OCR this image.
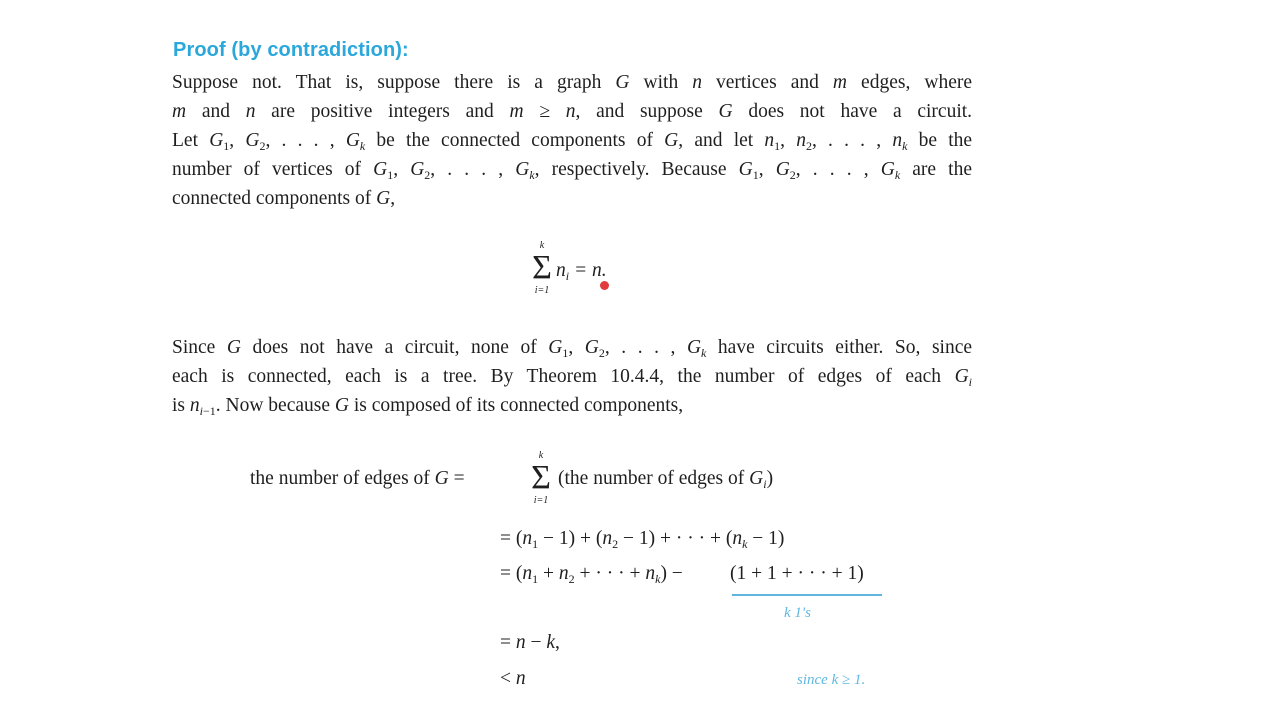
Proof (by contradiction):
Suppose not. That is, suppose there is a graph G with n vertices and m edges, where
m and n are positive integers and m ≥ n, and suppose G does not have a circuit.
Let $G_1$, $G_2$, . . . , $G_k$ be the connected components of G, and let $n_1$, $n_2$, . . . , $n_k$ be the
number of vertices of $G_1$, $G_2$, . . . , $G_k$, respectively. Because $G_1$, $G_2$, . . . , $G_k$ are the
connected components of G,
k
Σ
i=1
$n_i = n$.
Since G does not have a circuit, none of $G_1$, $G_2$, . . . , $G_k$ have circuits either. So, since
each is connected, each is a tree. By Theorem 10.4.4, the number of edges of each $G_i$
is $n_{i-1}$. Now because G is composed of its connected components,
the number of edges of G =
k
Σ
i=1
(the number of edges of $G_i$)
= $(n_1 - 1) + (n_2 - 1)$ + · · · + $(n_k - 1)$
= ($n_1 + n_2$ + · · · + $n_k) - (1 + 1$ + · · · + 1)
k 1's
= n − k,
< n	since k ≥ 1.
